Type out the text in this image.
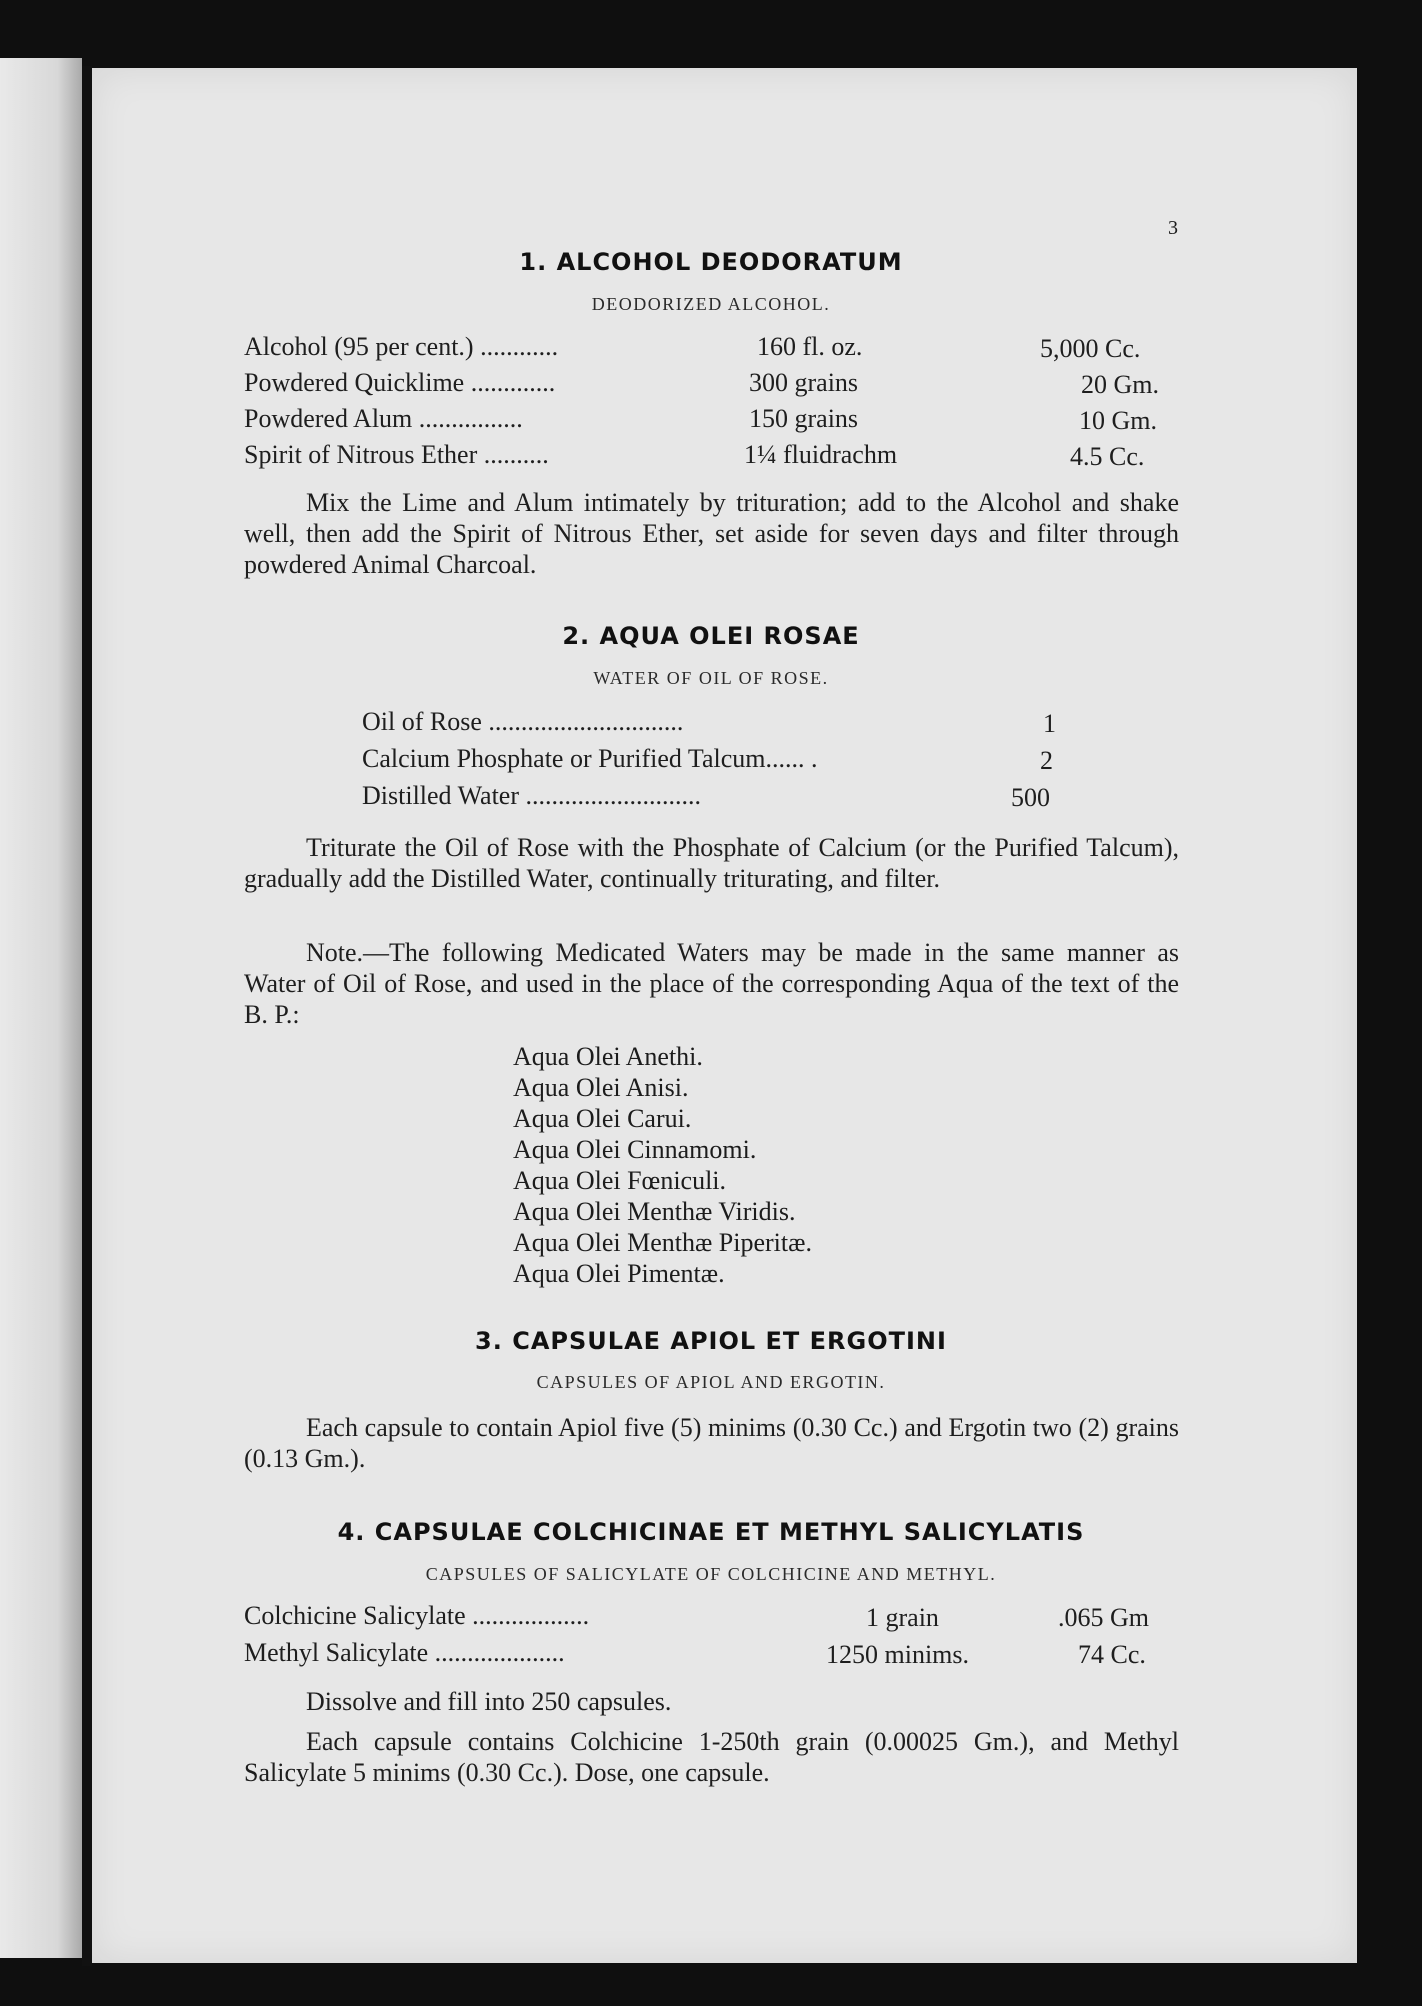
3
1. ALCOHOL DEODORATUM
DEODORIZED ALCOHOL.
Alcohol (95 per cent.) ............	160 fl. oz.	5,000 Cc.
Powdered Quicklime .............	300 grains	20 Gm.
Powdered Alum ................	150 grains	10 Gm.
Spirit of Nitrous Ether ..........	1¼ fluidrachm	4.5 Cc.
Mix the Lime and Alum intimately by trituration; add to the Alcohol and shake well, then add the Spirit of Nitrous Ether, set aside for seven days and filter through powdered Animal Charcoal.
2. AQUA OLEI ROSAE
WATER OF OIL OF ROSE.
Oil of Rose ..............................	1
Calcium Phosphate or Purified Talcum...... .	2
Distilled Water ...........................	500
Triturate the Oil of Rose with the Phosphate of Calcium (or the Purified Talcum), gradually add the Distilled Water, continually triturating, and filter.
Note.—The following Medicated Waters may be made in the same manner as Water of Oil of Rose, and used in the place of the corresponding Aqua of the text of the B. P.:
Aqua Olei Anethi.
Aqua Olei Anisi.
Aqua Olei Carui.
Aqua Olei Cinnamomi.
Aqua Olei Fœniculi.
Aqua Olei Menthæ Viridis.
Aqua Olei Menthæ Piperitæ.
Aqua Olei Pimentæ.
3. CAPSULAE APIOL ET ERGOTINI
CAPSULES OF APIOL AND ERGOTIN.
Each capsule to contain Apiol five (5) minims (0.30 Cc.) and Ergotin two (2) grains (0.13 Gm.).
4. CAPSULAE COLCHICINAE ET METHYL SALICYLATIS
CAPSULES OF SALICYLATE OF COLCHICINE AND METHYL.
Colchicine Salicylate ..................	1 grain	.065 Gm
Methyl Salicylate ....................	1250 minims.	74 Cc.
Dissolve and fill into 250 capsules.
Each capsule contains Colchicine 1-250th grain (0.00025 Gm.), and Methyl Salicylate 5 minims (0.30 Cc.). Dose, one capsule.
